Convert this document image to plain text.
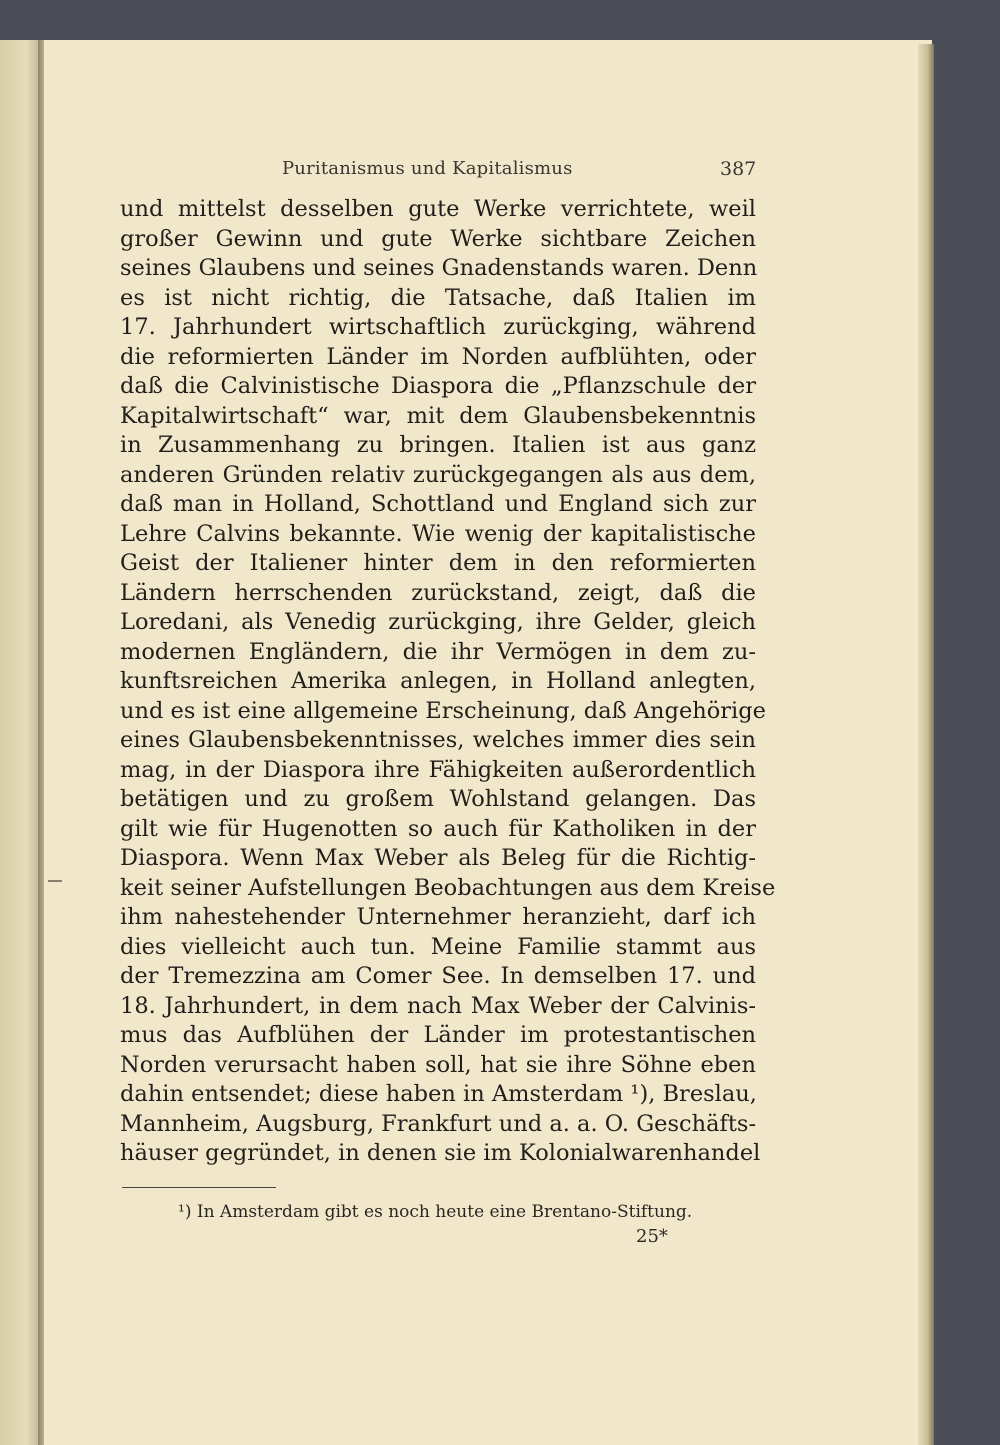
Puritanismus und Kapitalismus	387
und mittelst desselben gute Werke verrichtete, weil
großer Gewinn und gute Werke sichtbare Zeichen
seines Glaubens und seines Gnadenstands waren. Denn
es ist nicht richtig, die Tatsache, daß Italien im
17. Jahrhundert wirtschaftlich zurückging, während
die reformierten Länder im Norden aufblühten, oder
daß die Calvinistische Diaspora die „Pflanzschule der
Kapitalwirtschaft“ war, mit dem Glaubensbekenntnis
in Zusammenhang zu bringen. Italien ist aus ganz
anderen Gründen relativ zurückgegangen als aus dem,
daß man in Holland, Schottland und England sich zur
Lehre Calvins bekannte. Wie wenig der kapitalistische
Geist der Italiener hinter dem in den reformierten
Ländern herrschenden zurückstand, zeigt, daß die
Loredani, als Venedig zurückging, ihre Gelder, gleich
modernen Engländern, die ihr Vermögen in dem zu-
kunftsreichen Amerika anlegen, in Holland anlegten,
und es ist eine allgemeine Erscheinung, daß Angehörige
eines Glaubensbekenntnisses, welches immer dies sein
mag, in der Diaspora ihre Fähigkeiten außerordentlich
betätigen und zu großem Wohlstand gelangen. Das
gilt wie für Hugenotten so auch für Katholiken in der
Diaspora. Wenn Max Weber als Beleg für die Richtig-
keit seiner Aufstellungen Beobachtungen aus dem Kreise
ihm nahestehender Unternehmer heranzieht, darf ich
dies vielleicht auch tun. Meine Familie stammt aus
der Tremezzina am Comer See. In demselben 17. und
18. Jahrhundert, in dem nach Max Weber der Calvinis-
mus das Aufblühen der Länder im protestantischen
Norden verursacht haben soll, hat sie ihre Söhne eben
dahin entsendet; diese haben in Amsterdam ¹), Breslau,
Mannheim, Augsburg, Frankfurt und a. a. O. Geschäfts-
häuser gegründet, in denen sie im Kolonialwarenhandel
¹) In Amsterdam gibt es noch heute eine Brentano-Stiftung.
25*
